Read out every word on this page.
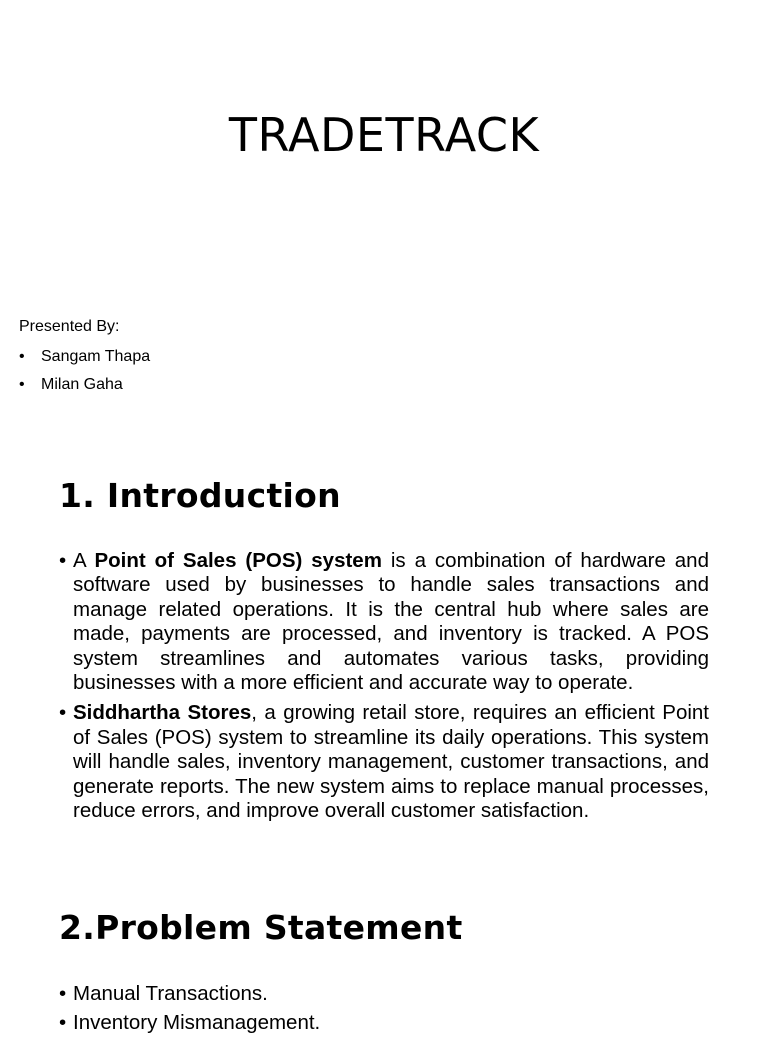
TRADETRACK
Presented By:
• Sangam Thapa
• Milan Gaha
1. Introduction
• A Point of Sales (POS) system is a combination of hardware and software used by businesses to handle sales transactions and manage related operations. It is the central hub where sales are made, payments are processed, and inventory is tracked. A POS system streamlines and automates various tasks, providing businesses with a more efficient and accurate way to operate.
• Siddhartha Stores, a growing retail store, requires an efficient Point of Sales (POS) system to streamline its daily operations. This system will handle sales, inventory management, customer transactions, and generate reports. The new system aims to replace manual processes, reduce errors, and improve overall customer satisfaction.
2.Problem Statement
• Manual Transactions.
• Inventory Mismanagement.
